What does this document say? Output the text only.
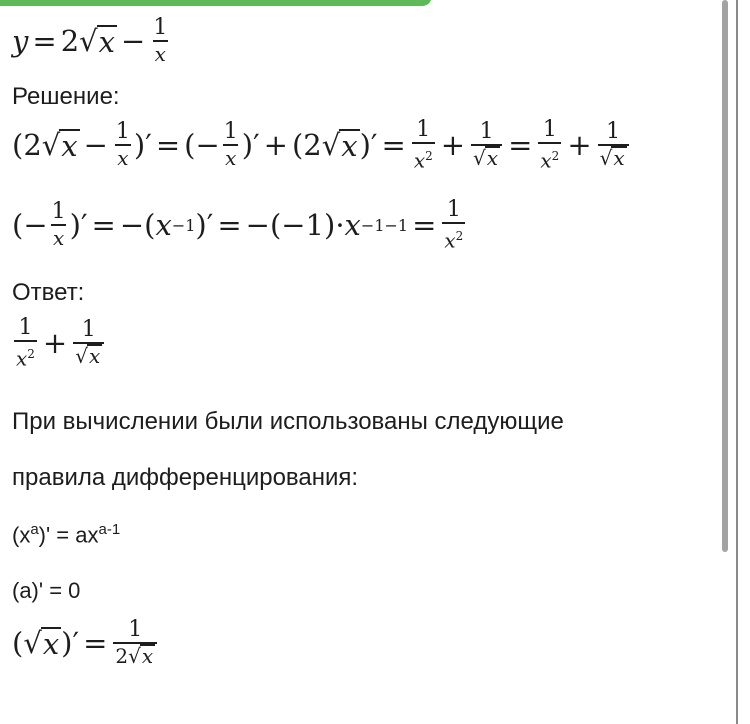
y = 2 √ $x - \frac{1}{x}$
Решение:
(2 √ $x - \frac{1}{x}$ )′ = (− $\frac{1}{x}$ )′ + (2 √ x )′ = $\frac{1}{x^2} + \frac{1}{√x} = \frac{1}{x^2} + \frac{1}{√x}$
(− $\frac{1}{x}$ )′ = −( x −1 )′ = $-(-1)\cdot x -1-1 = \frac{1}{x^2}$
Ответ:
$\frac{1}{x^2} + \frac{1}{√x}$
При вычислении были использованы следующие
правила дифференцирования:
$(x^a)' = ax^{a-1}$
(a)' = 0
( √ x )′ = $\frac{1}{2√x}$
